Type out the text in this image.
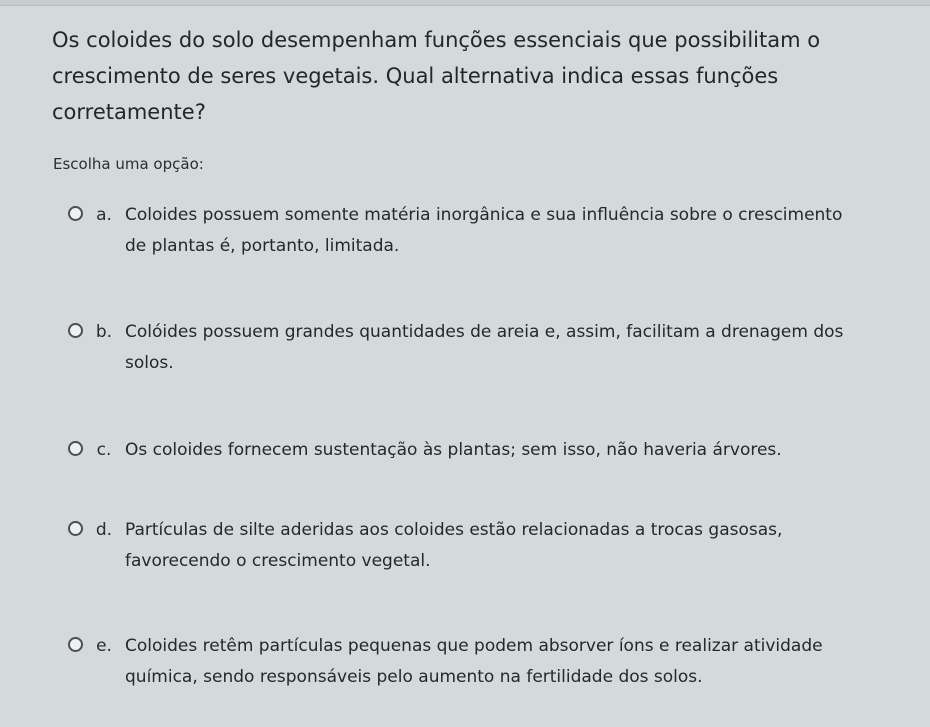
Os coloides do solo desempenham funções essenciais que possibilitam o crescimento de seres vegetais. Qual alternativa indica essas funções corretamente?
Escolha uma opção:
a. Coloides possuem somente matéria inorgânica e sua influência sobre o crescimento de plantas é, portanto, limitada.
b. Colóides possuem grandes quantidades de areia e, assim, facilitam a drenagem dos solos.
c. Os coloides fornecem sustentação às plantas; sem isso, não haveria árvores.
d. Partículas de silte aderidas aos coloides estão relacionadas a trocas gasosas, favorecendo o crescimento vegetal.
e. Coloides retêm partículas pequenas que podem absorver íons e realizar atividade química, sendo responsáveis pelo aumento na fertilidade dos solos.
